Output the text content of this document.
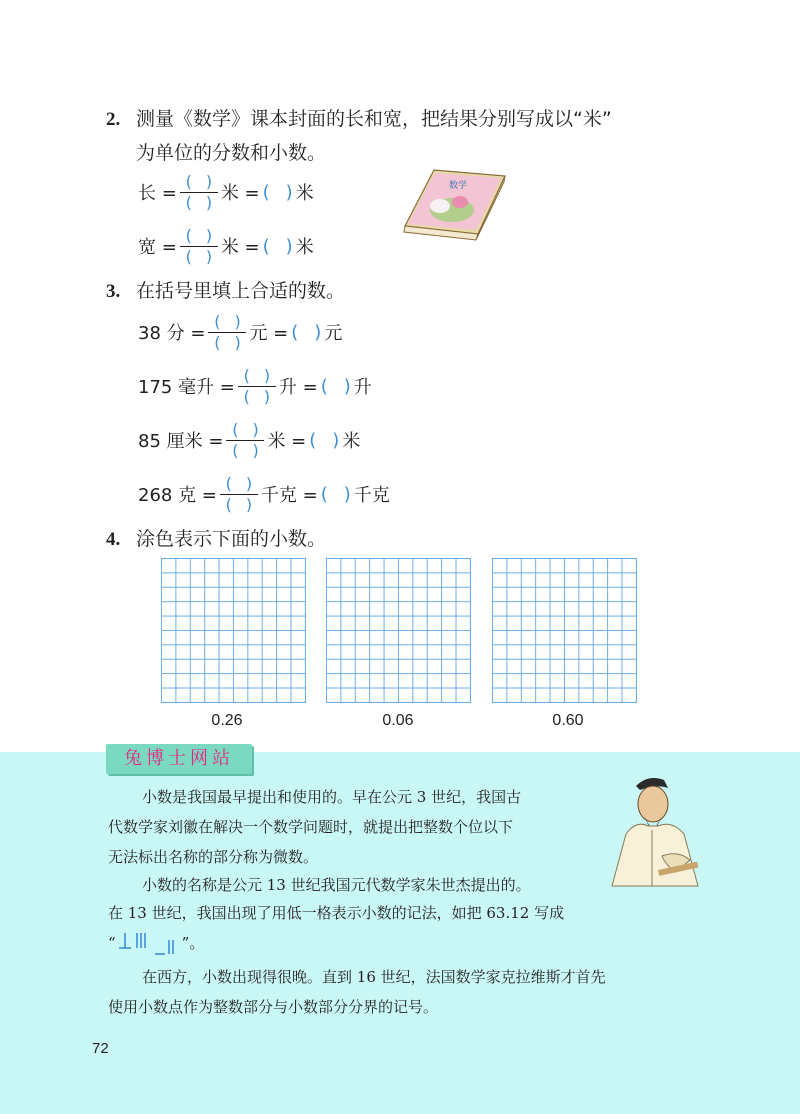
2. 测量《数学》课本封面的长和宽，把结果分别写成以“米”
为单位的分数和小数。
长 = $\frac{()}{()}$ 米 = () 米
宽 = $\frac{()}{()}$ 米 = () 米
数学
3. 在括号里填上合适的数。
38 分 = $\frac{()}{()}$ 元 = () 元
175 毫升 = $\frac{()}{()}$ 升 = () 升
85 厘米 = $\frac{()}{()}$ 米 = () 米
268 克 = $\frac{()}{()}$ 千克 = () 千克
4. 涂色表示下面的小数。
0.26	0.06	0.60
兔博士网站
小数是我国最早提出和使用的。早在公元 3 世纪，我国古
代数学家刘徽在解决一个数学问题时，就提出把整数个位以下
无法标出名称的部分称为微数。
小数的名称是公元 13 世纪我国元代数学家朱世杰提出的。
在 13 世纪，我国出现了用低一格表示小数的记法，如把 63.12 写成
“	”。
在西方，小数出现得很晚。直到 16 世纪，法国数学家克拉维斯才首先
使用小数点作为整数部分与小数部分分界的记号。
72
